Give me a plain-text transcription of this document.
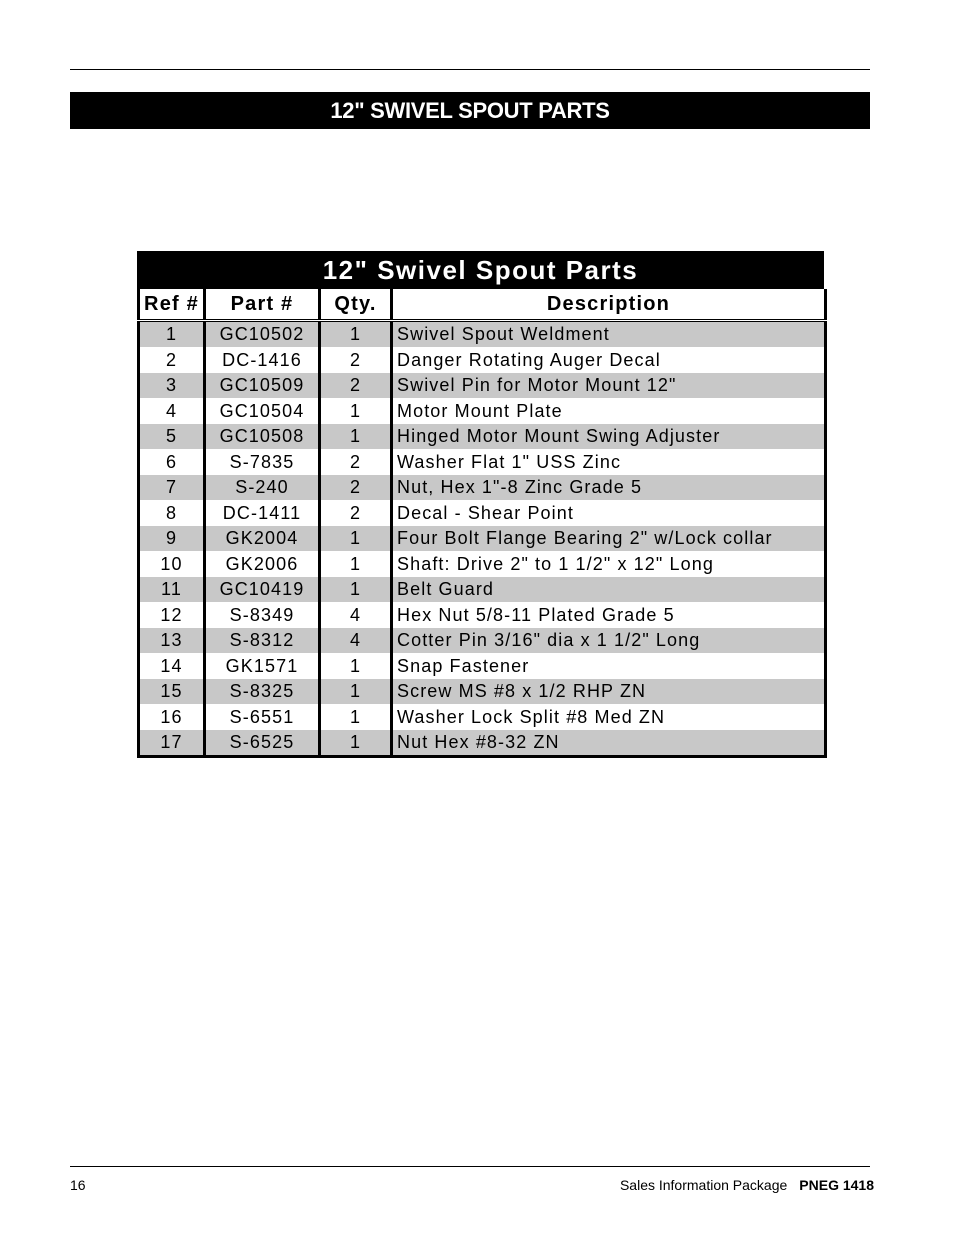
12" SWIVEL SPOUT PARTS
12" Swivel Spout Parts
Ref #	Part #	Qty.	Description
1	GC10502	1	Swivel Spout Weldment
2	DC-1416	2	Danger Rotating Auger Decal
3	GC10509	2	Swivel Pin for Motor Mount 12"
4	GC10504	1	Motor Mount Plate
5	GC10508	1	Hinged Motor Mount Swing Adjuster
6	S-7835	2	Washer Flat 1" USS Zinc
7	S-240	2	Nut, Hex 1"-8 Zinc Grade 5
8	DC-1411	2	Decal - Shear Point
9	GK2004	1	Four Bolt Flange Bearing 2" w/Lock collar
10	GK2006	1	Shaft: Drive 2" to 1 1/2" x 12" Long
11	GC10419	1	Belt Guard
12	S-8349	4	Hex Nut 5/8-11 Plated Grade 5
13	S-8312	4	Cotter Pin 3/16" dia x 1 1/2" Long
14	GK1571	1	Snap Fastener
15	S-8325	1	Screw MS #8 x 1/2 RHP ZN
16	S-6551	1	Washer Lock Split #8 Med ZN
17	S-6525	1	Nut Hex #8-32 ZN
16	Sales Information Package PNEG 1418
